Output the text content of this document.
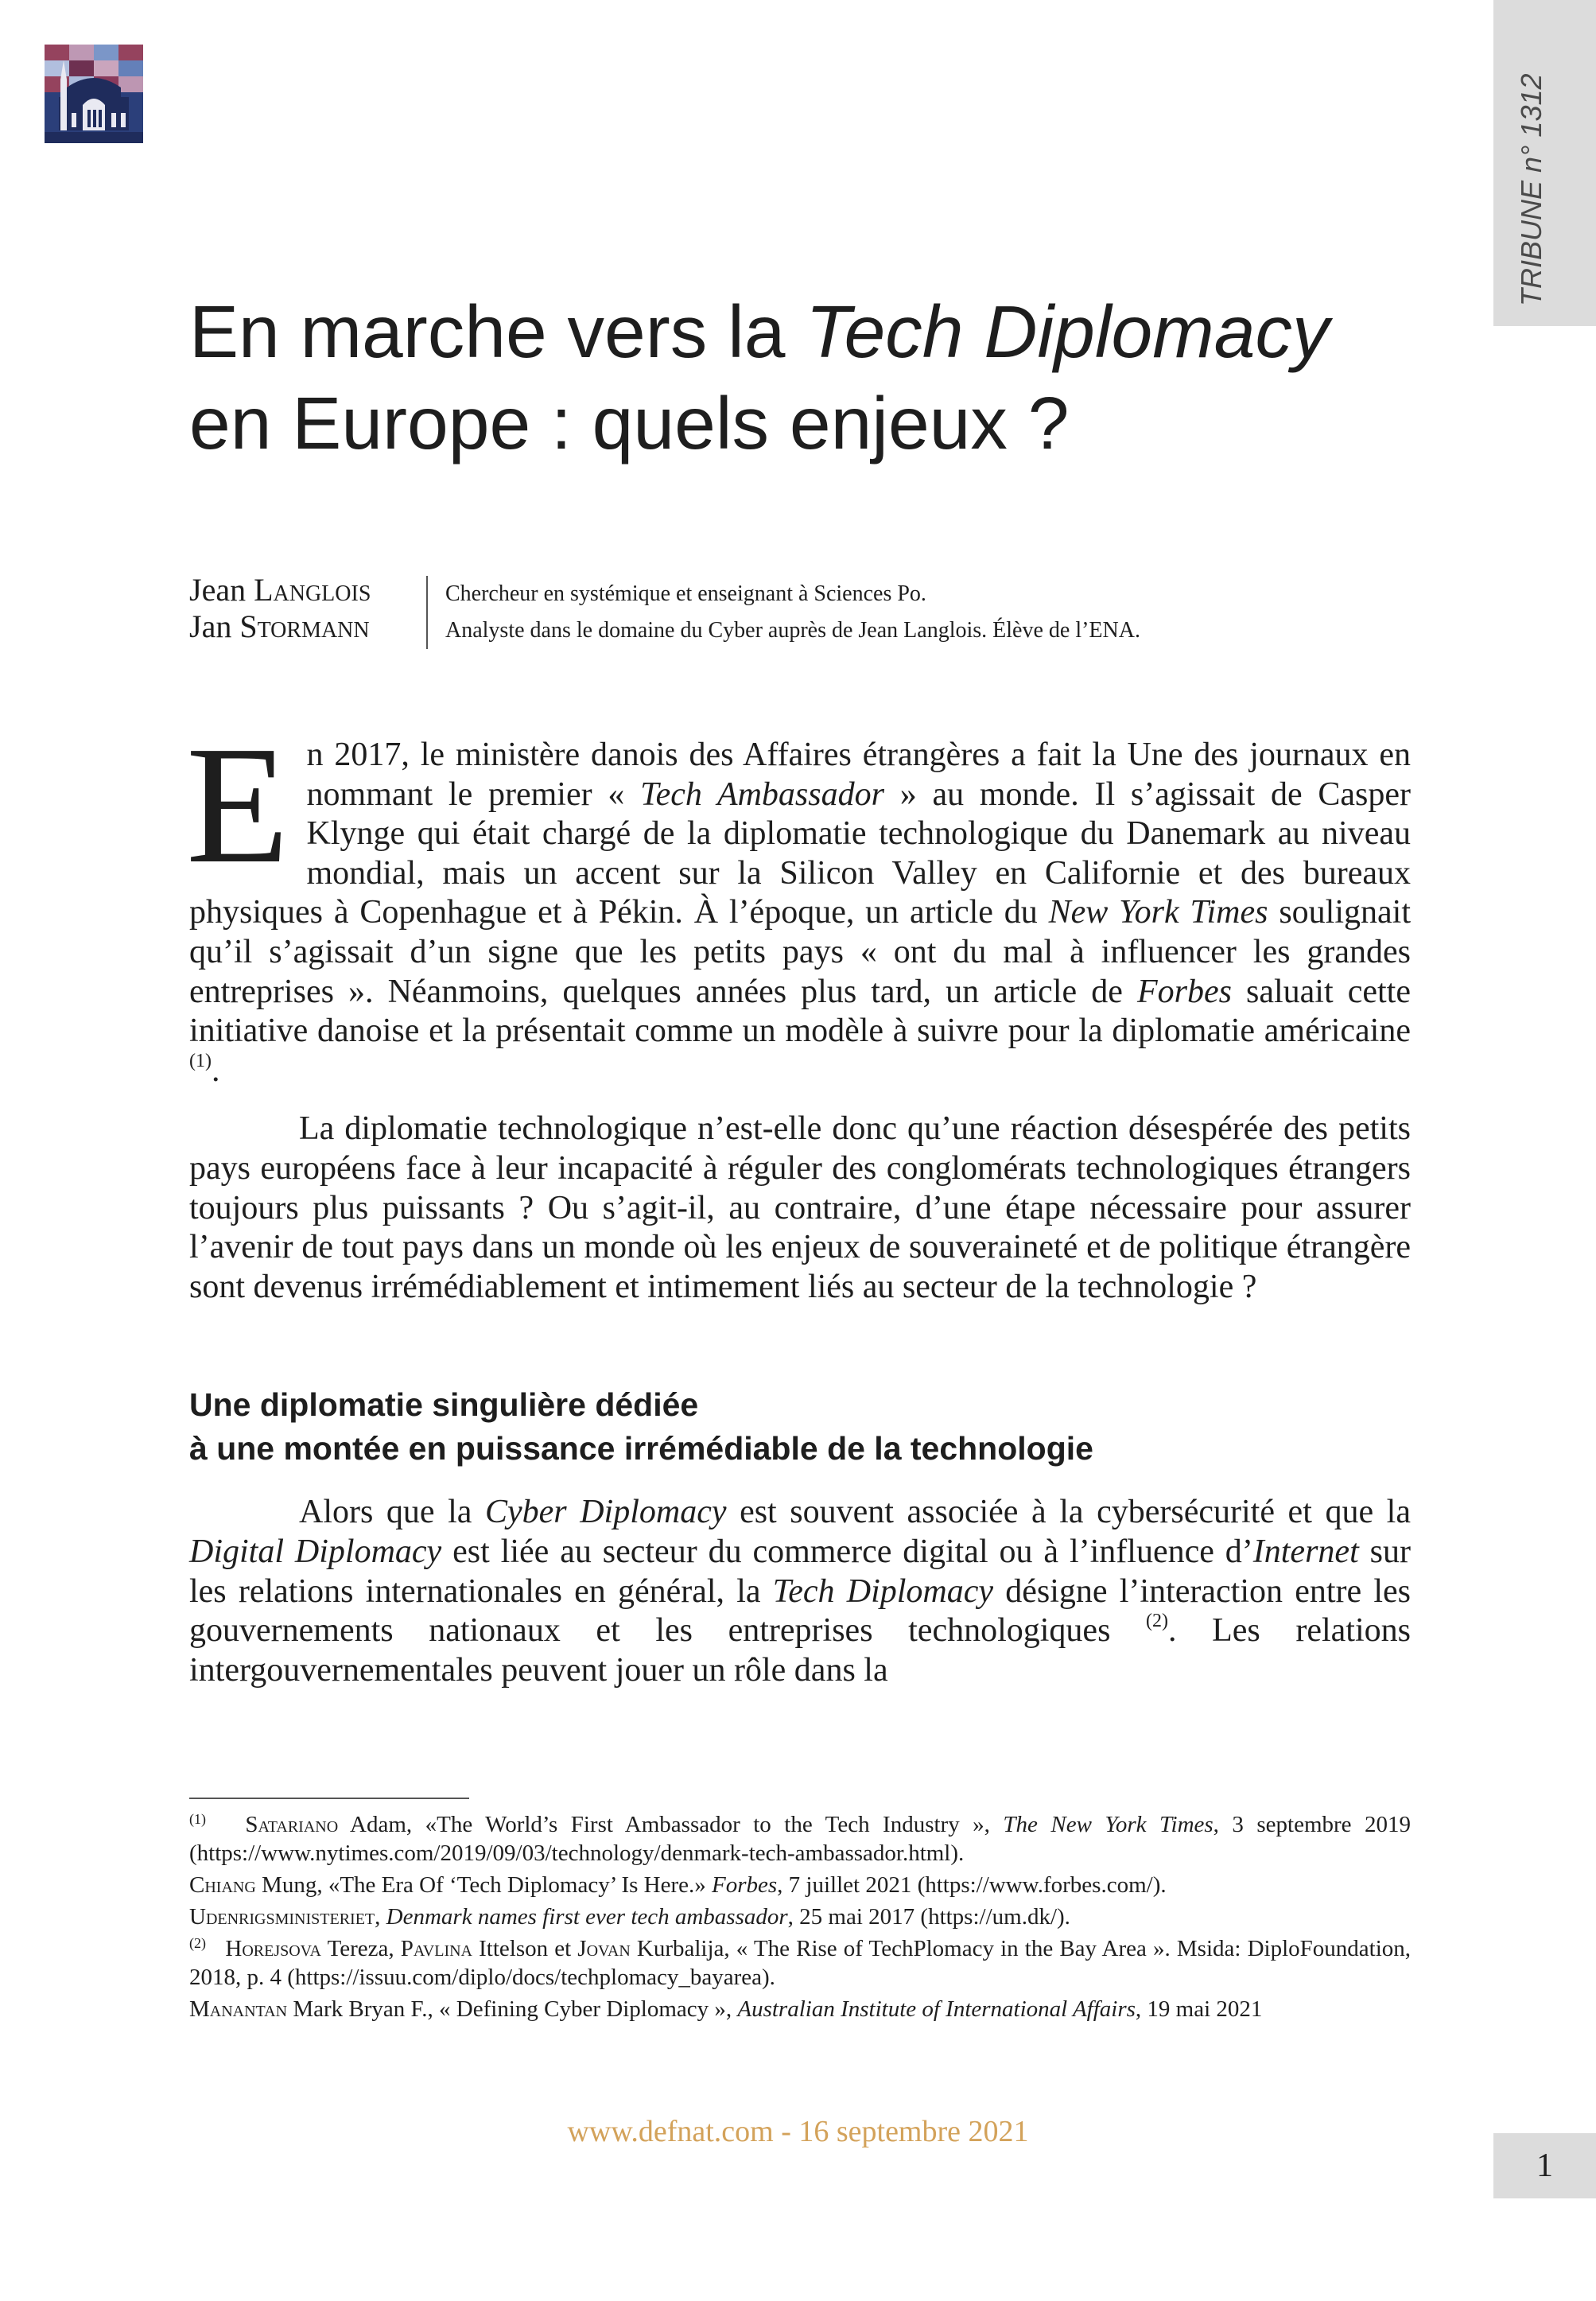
TRIBUNE n° 1312
En marche vers la Tech Diplomacy
en Europe : quels enjeux ?
Jean Langlois	Chercheur en systémique et enseignant à Sciences Po.
Jan Stormann	Analyste dans le domaine du Cyber auprès de Jean Langlois. Élève de l’ENA.

En 2017, le ministère danois des Affaires étrangères a fait la Une des journaux en nommant le premier « Tech Ambassador » au monde. Il s’agissait de Casper Klynge qui était chargé de la diplomatie technologique du Danemark au niveau mondial, mais un accent sur la Silicon Valley en Californie et des bureaux physiques à Copenhague et à Pékin. À l’époque, un article du New York Times soulignait qu’il s’agissait d’un signe que les petits pays « ont du mal à influencer les grandes entreprises ». Néanmoins, quelques années plus tard, un article de Forbes saluait cette initiative danoise et la présentait comme un modèle à suivre pour la diplomatie américaine $^{(1)}$.

La diplomatie technologique n’est-elle donc qu’une réaction désespérée des petits pays européens face à leur incapacité à réguler des conglomérats technologiques étrangers toujours plus puissants ? Ou s’agit-il, au contraire, d’une étape nécessaire pour assurer l’avenir de tout pays dans un monde où les enjeux de souveraineté et de politique étrangère sont devenus irrémédiablement et intimement liés au secteur de la technologie ?

Une diplomatie singulière dédiée
à une montée en puissance irrémédiable de la technologie

Alors que la Cyber Diplomacy est souvent associée à la cybersécurité et que la Digital Diplomacy est liée au secteur du commerce digital ou à l’influence d’Internet sur les relations internationales en général, la Tech Diplomacy désigne l’interaction entre les gouvernements nationaux et les entreprises technologiques $^{(2)}$. Les relations intergouvernementales peuvent jouer un rôle dans la

$^{(1)}$ Satariano Adam, «The World’s First Ambassador to the Tech Industry », The New York Times, 3 septembre 2019 (https://www.nytimes.com/2019/09/03/technology/denmark-tech-ambassador.html).

Chiang Mung, «The Era Of ‘Tech Diplomacy’ Is Here.» Forbes, 7 juillet 2021 (https://www.forbes.com/).

Udenrigsministeriet, Denmark names first ever tech ambassador, 25 mai 2017 (https://um.dk/).

$^{(2)}$ Horejsova Tereza, Pavlina Ittelson et Jovan Kurbalija, « The Rise of TechPlomacy in the Bay Area ». Msida: DiploFoundation, 2018, p. 4 (https://issuu.com/diplo/docs/techplomacy_bayarea).

Manantan Mark Bryan F., « Defining Cyber Diplomacy », Australian Institute of International Affairs, 19 mai 2021

www.defnat.com - 16 septembre 2021
1
